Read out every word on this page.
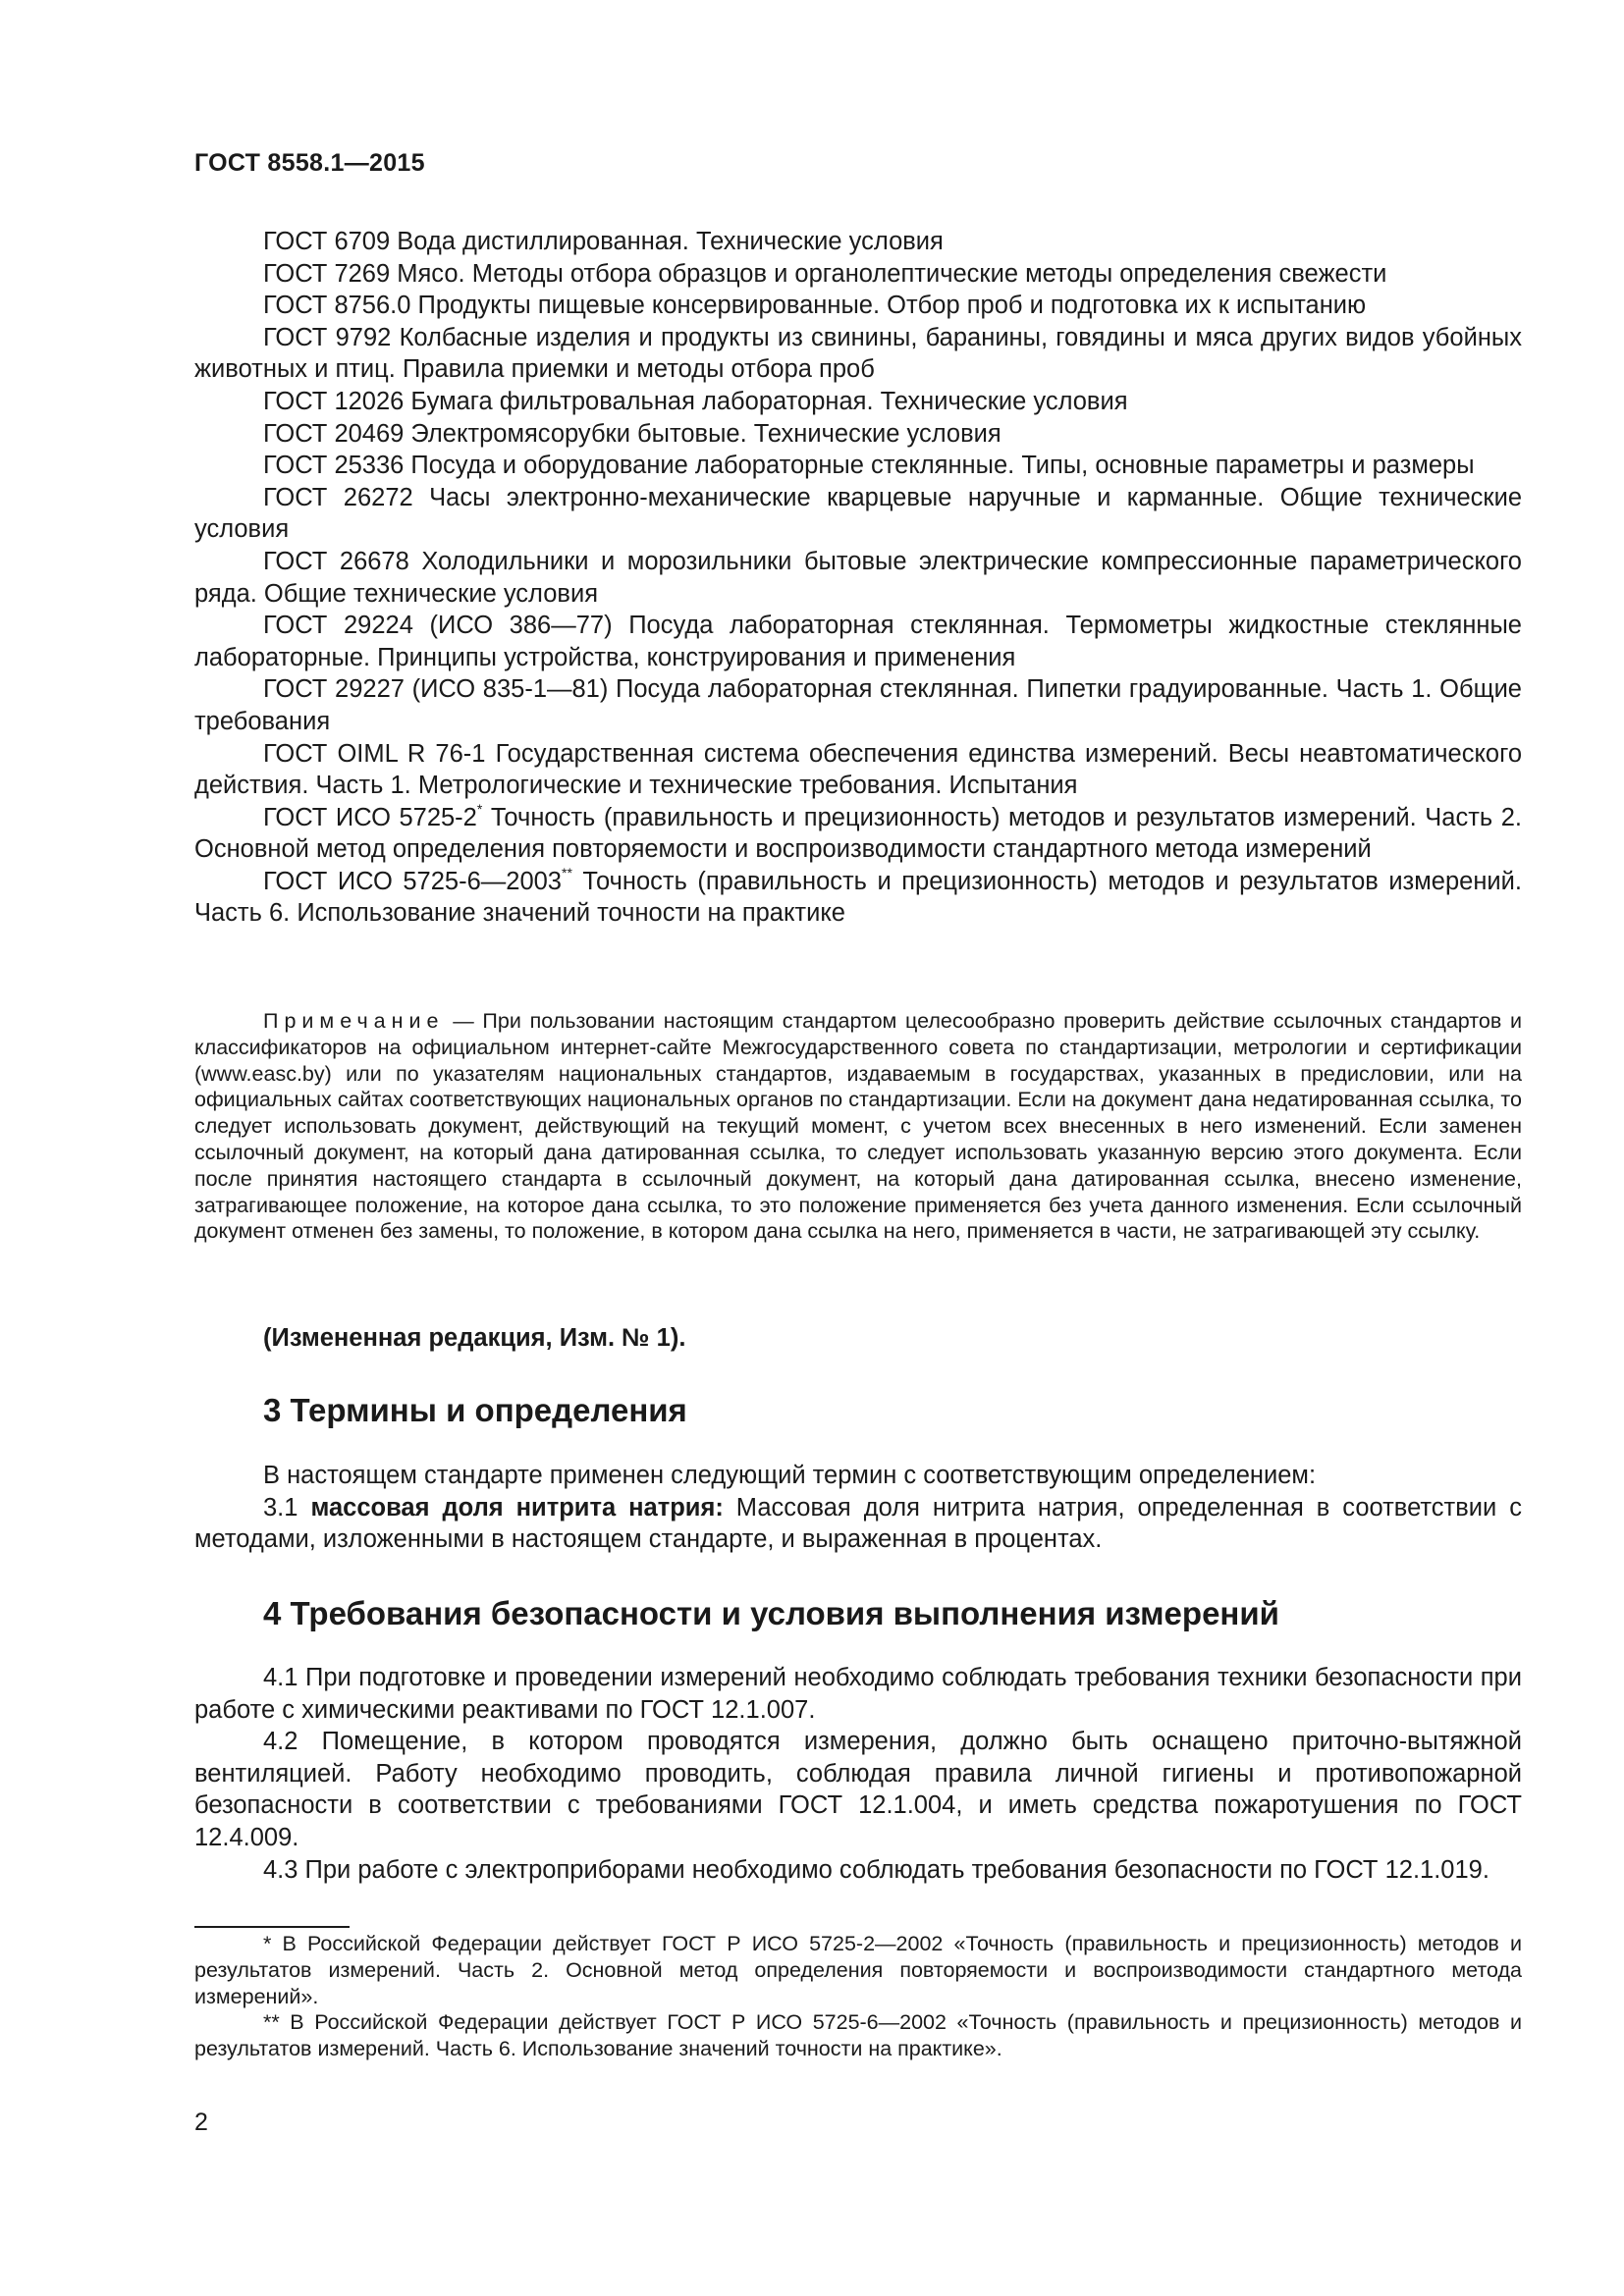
ГОСТ 8558.1—2015

ГОСТ 6709 Вода дистиллированная. Технические условия

ГОСТ 7269 Мясо. Методы отбора образцов и органолептические методы определения свежести

ГОСТ 8756.0 Продукты пищевые консервированные. Отбор проб и подготовка их к испытанию

ГОСТ 9792 Колбасные изделия и продукты из свинины, баранины, говядины и мяса других видов убойных животных и птиц. Правила приемки и методы отбора проб

ГОСТ 12026 Бумага фильтровальная лабораторная. Технические условия

ГОСТ 20469 Электромясорубки бытовые. Технические условия

ГОСТ 25336 Посуда и оборудование лабораторные стеклянные. Типы, основные параметры и размеры

ГОСТ 26272 Часы электронно-механические кварцевые наручные и карманные. Общие технические условия

ГОСТ 26678 Холодильники и морозильники бытовые электрические компрессионные параметрического ряда. Общие технические условия

ГОСТ 29224 (ИСО 386—77) Посуда лабораторная стеклянная. Термометры жидкостные стеклянные лабораторные. Принципы устройства, конструирования и применения

ГОСТ 29227 (ИСО 835-1—81) Посуда лабораторная стеклянная. Пипетки градуированные. Часть 1. Общие требования

ГОСТ OIML R 76-1 Государственная система обеспечения единства измерений. Весы неавтоматического действия. Часть 1. Метрологические и технические требования. Испытания

ГОСТ ИСО 5725-2* Точность (правильность и прецизионность) методов и результатов измерений. Часть 2. Основной метод определения повторяемости и воспроизводимости стандартного метода измерений

ГОСТ ИСО 5725-6—2003** Точность (правильность и прецизионность) методов и результатов измерений. Часть 6. Использование значений точности на практике

Примечание — При пользовании настоящим стандартом целесообразно проверить действие ссылочных стандартов и классификаторов на официальном интернет-сайте Межгосударственного совета по стандартизации, метрологии и сертификации (www.easc.by) или по указателям национальных стандартов, издаваемым в государствах, указанных в предисловии, или на официальных сайтах соответствующих национальных органов по стандартизации. Если на документ дана недатированная ссылка, то следует использовать документ, действующий на текущий момент, с учетом всех внесенных в него изменений. Если заменен ссылочный документ, на который дана датированная ссылка, то следует использовать указанную версию этого документа. Если после принятия настоящего стандарта в ссылочный документ, на который дана датированная ссылка, внесено изменение, затрагивающее положение, на которое дана ссылка, то это положение применяется без учета данного изменения. Если ссылочный документ отменен без замены, то положение, в котором дана ссылка на него, применяется в части, не затрагивающей эту ссылку.

(Измененная редакция, Изм. № 1).

3 Термины и определения

В настоящем стандарте применен следующий термин с соответствующим определением:

3.1 массовая доля нитрита натрия: Массовая доля нитрита натрия, определенная в соответствии с методами, изложенными в настоящем стандарте, и выраженная в процентах.

4 Требования безопасности и условия выполнения измерений

4.1 При подготовке и проведении измерений необходимо соблюдать требования техники безопасности при работе с химическими реактивами по ГОСТ 12.1.007.

4.2 Помещение, в котором проводятся измерения, должно быть оснащено приточно-вытяжной вентиляцией. Работу необходимо проводить, соблюдая правила личной гигиены и противопожарной безопасности в соответствии с требованиями ГОСТ 12.1.004, и иметь средства пожаротушения по ГОСТ 12.4.009.

4.3 При работе с электроприборами необходимо соблюдать требования безопасности по ГОСТ 12.1.019.

* В Российской Федерации действует ГОСТ Р ИСО 5725-2—2002 «Точность (правильность и прецизионность) методов и результатов измерений. Часть 2. Основной метод определения повторяемости и воспроизводимости стандартного метода измерений».

** В Российской Федерации действует ГОСТ Р ИСО 5725-6—2002 «Точность (правильность и прецизионность) методов и результатов измерений. Часть 6. Использование значений точности на практике».

2
